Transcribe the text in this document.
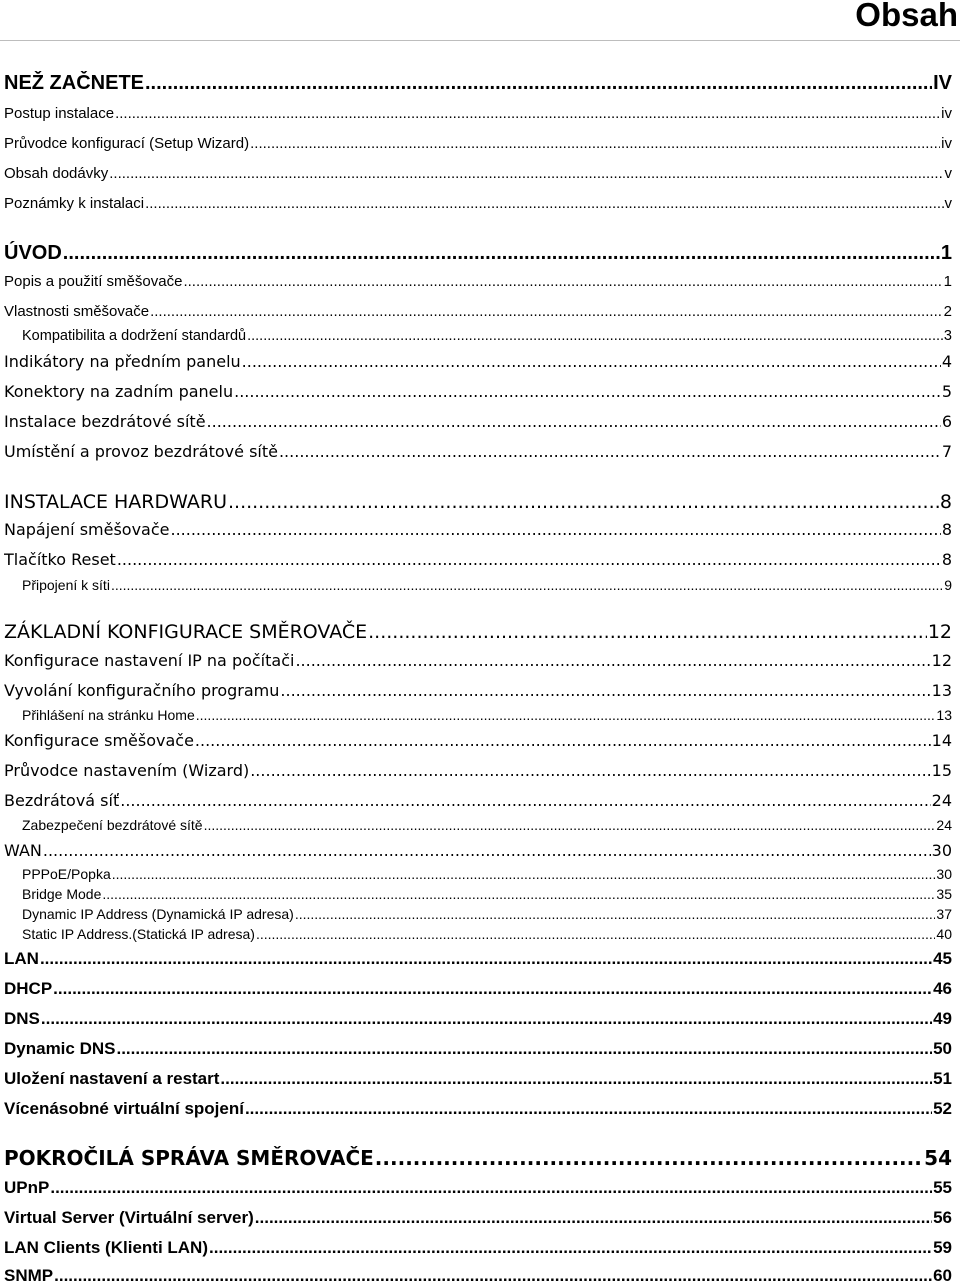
Obsah
NEŽ ZAČNETE .....	IV
Postup instalace .....	iv
Průvodce konfigurací (Setup Wizard) .....	iv
Obsah dodávky .....	v
Poznámky k instalaci .....	v
ÚVOD .....	1
Popis a použití směšovače .....	1
Vlastnosti směšovače .....	2
Kompatibilita a dodržení standardů .....	3
Indikátory na předním panelu .....	4
Konektory na zadním panelu .....	5
Instalace bezdrátové sítě .....	6
Umístění a provoz bezdrátové sítě .....	7
INSTALACE HARDWARU .....	8
Napájení směšovače .....	8
Tlačítko Reset .....	8
Připojení k síti .....	9
ZÁKLADNÍ KONFIGURACE SMĚROVAČE .....	12
Konfigurace nastavení IP na počítači .....	12
Vyvolání konfiguračního programu .....	13
Přihlášení na stránku Home .....	13
Konfigurace směšovače .....	14
Průvodce nastavením (Wizard) .....	15
Bezdrátová síť .....	24
Zabezpečení bezdrátové sítě .....	24
WAN .....	30
PPPoE/Popka .....	30
Bridge Mode .....	35
Dynamic IP Address (Dynamická IP adresa) .....	37
Static IP Address.(Statická IP adresa) .....	40
LAN .....	45
DHCP .....	46
DNS .....	49
Dynamic DNS .....	50
Uložení nastavení a restart .....	51
Vícenásobné virtuální spojení .....	52
POKROČILÁ SPRÁVA SMĚROVAČE .....	54
UPnP .....	55
Virtual Server (Virtuální server) .....	56
LAN Clients (Klienti LAN) .....	59
SNMP .....	60
